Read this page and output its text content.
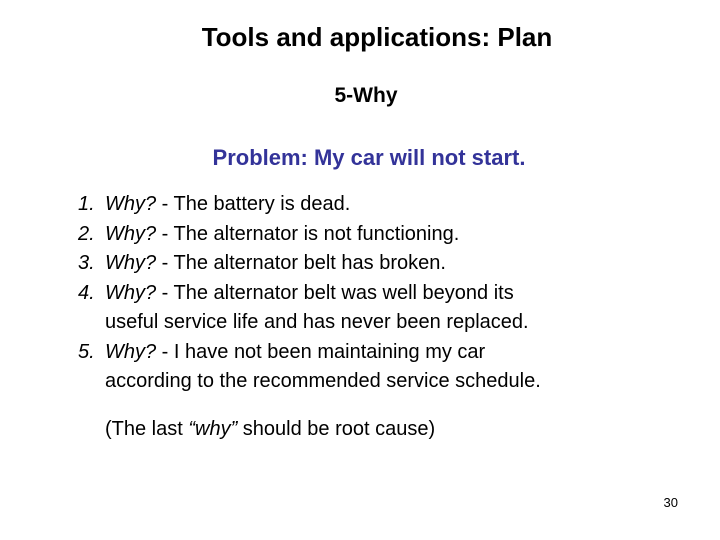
Tools and applications: Plan
5-Why
Problem: My car will not start.
1. Why? - The battery is dead.
2. Why? - The alternator is not functioning.
3. Why? - The alternator belt has broken.
4. Why? - The alternator belt was well beyond its
useful service life and has never been replaced.
5. Why? - I have not been maintaining my car
according to the recommended service schedule.
(The last “why” should be root cause)
30
